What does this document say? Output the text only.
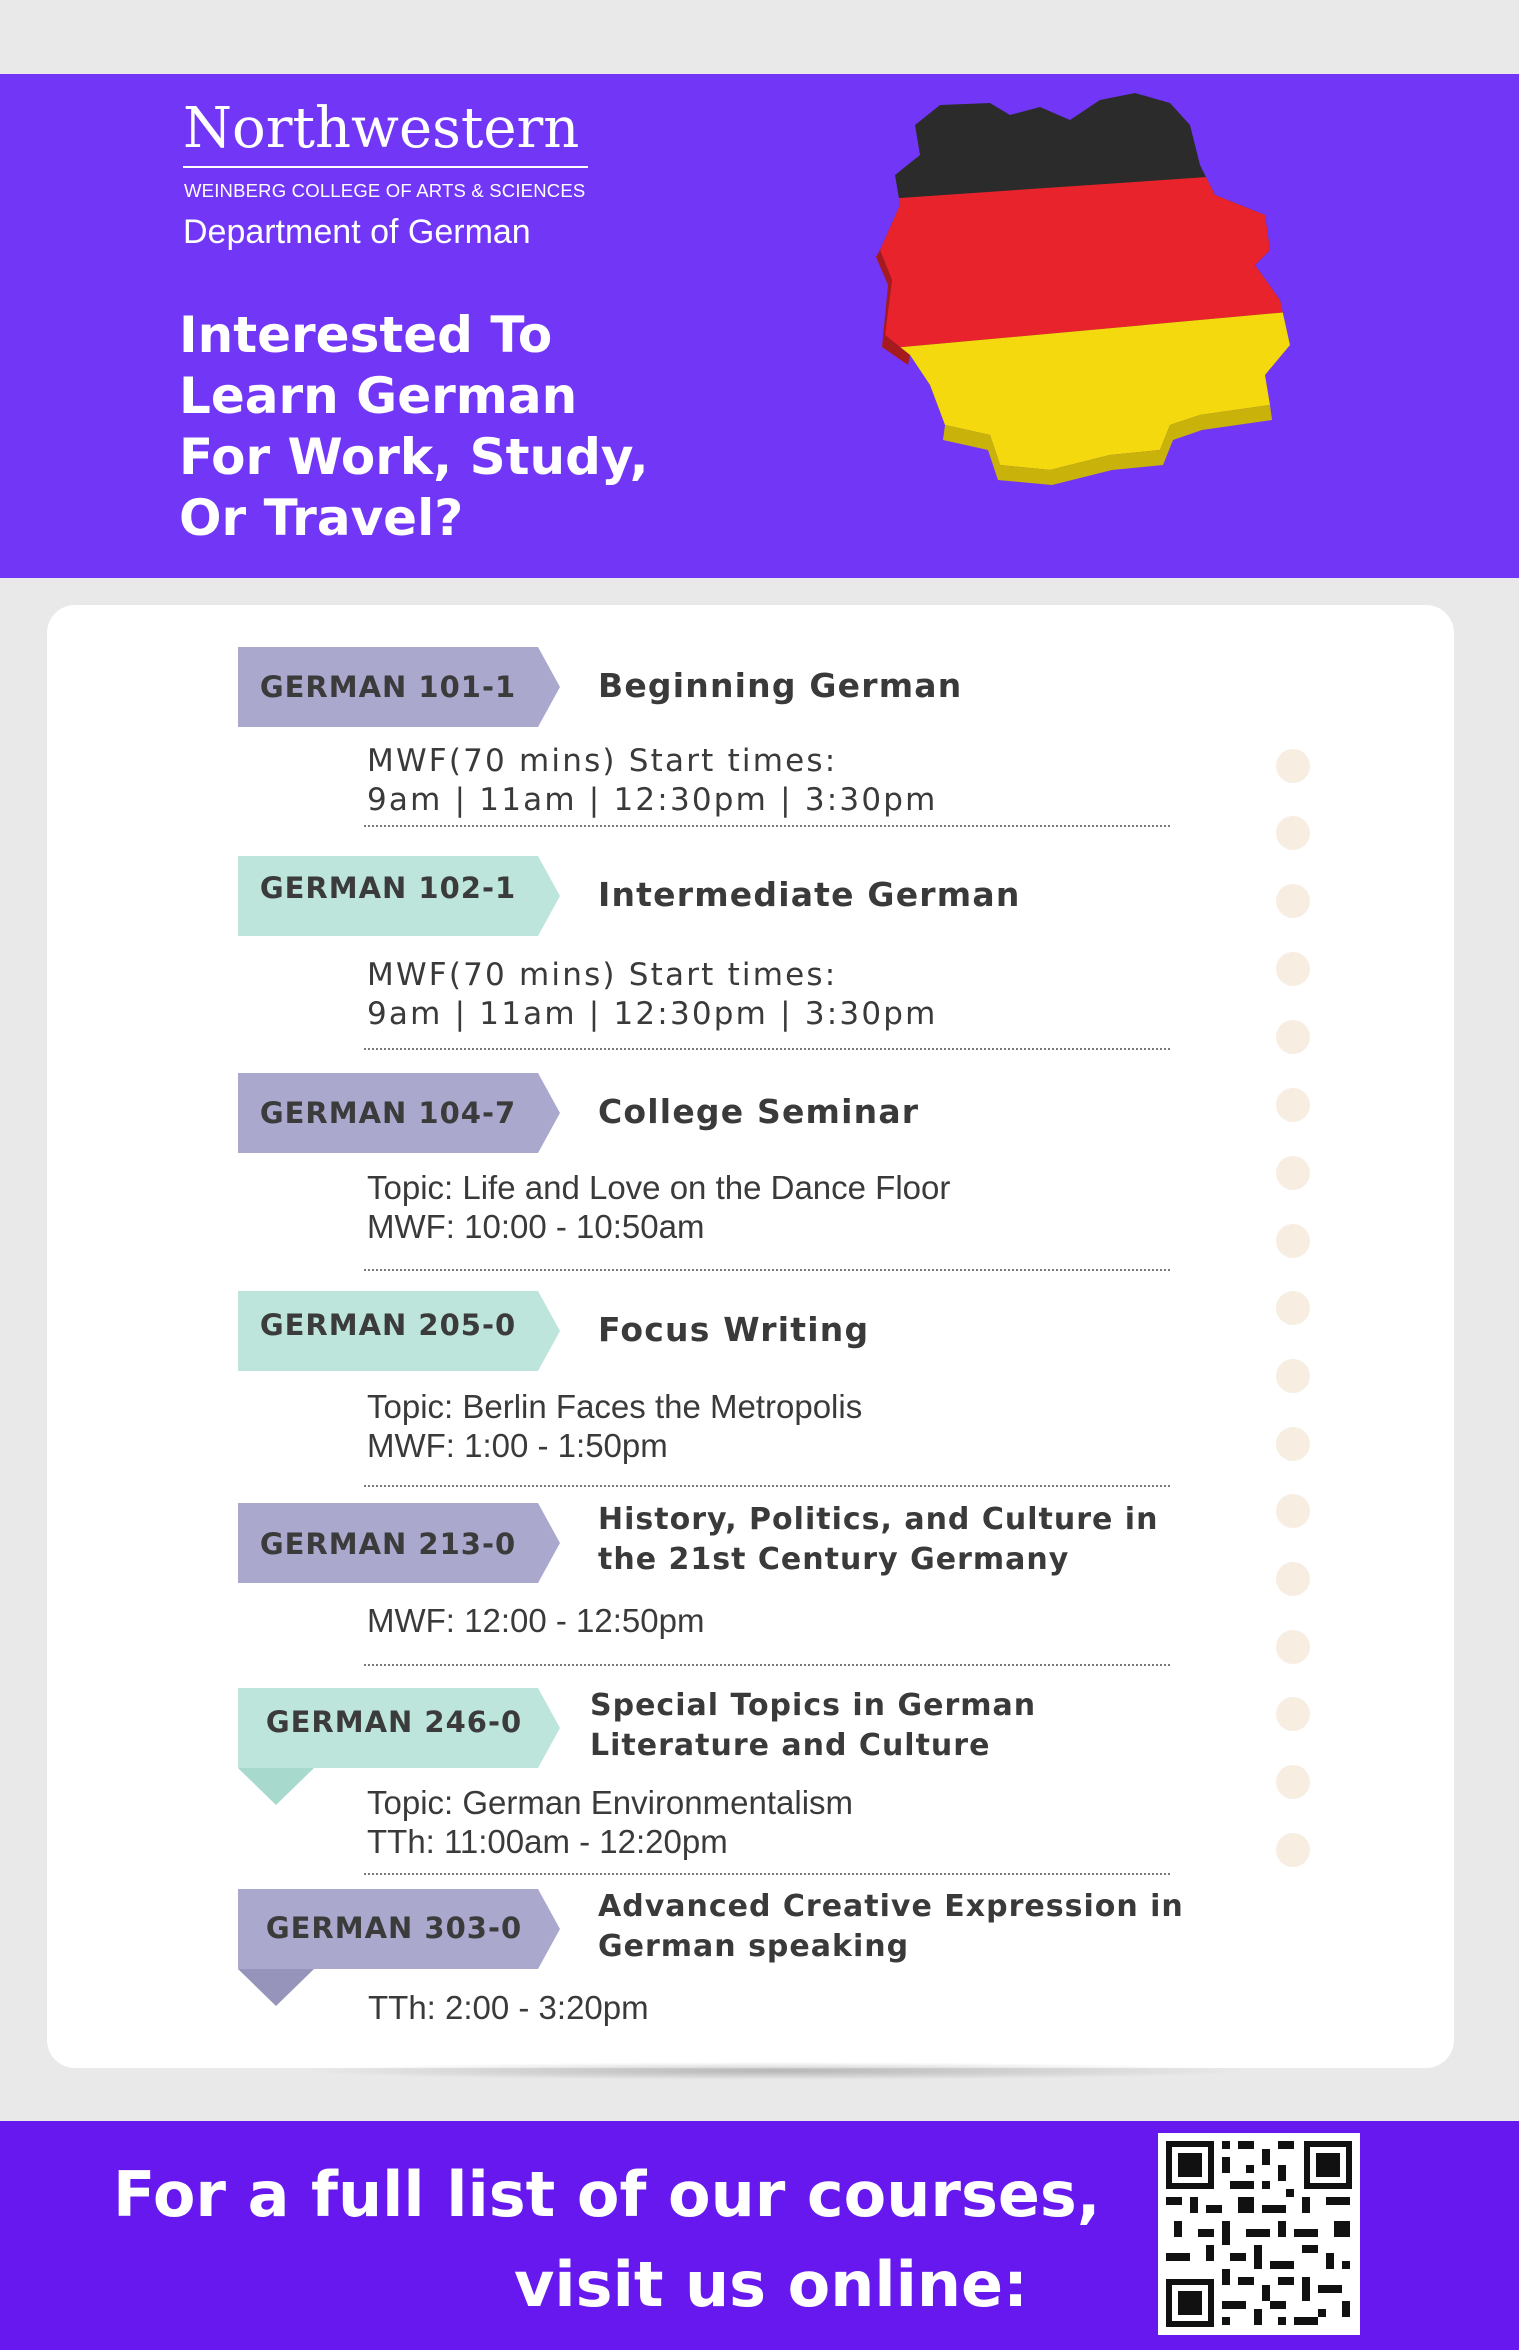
Northwestern
WEINBERG COLLEGE OF ARTS & SCIENCES
Department of German
Interested To
Learn German
For Work, Study,
Or Travel?
GERMAN 101-1	Beginning German
MWF(70 mins) Start times:
9am | 11am | 12:30pm | 3:30pm
GERMAN 102-1	Intermediate German
MWF(70 mins) Start times:
9am | 11am | 12:30pm | 3:30pm
GERMAN 104-7	College Seminar
Topic: Life and Love on the Dance Floor
MWF: 10:00 - 10:50am
GERMAN 205-0	Focus Writing
Topic: Berlin Faces the Metropolis
MWF: 1:00 - 1:50pm
GERMAN 213-0
History, Politics, and Culture in
the 21st Century Germany
MWF: 12:00 - 12:50pm
GERMAN 246-0	Special Topics in German
Literature and Culture
Topic: German Environmentalism
TTh: 11:00am - 12:20pm
GERMAN 303-0
Advanced Creative Expression in
German speaking
TTh: 2:00 - 3:20pm
For a full list of our courses,
visit us online:
